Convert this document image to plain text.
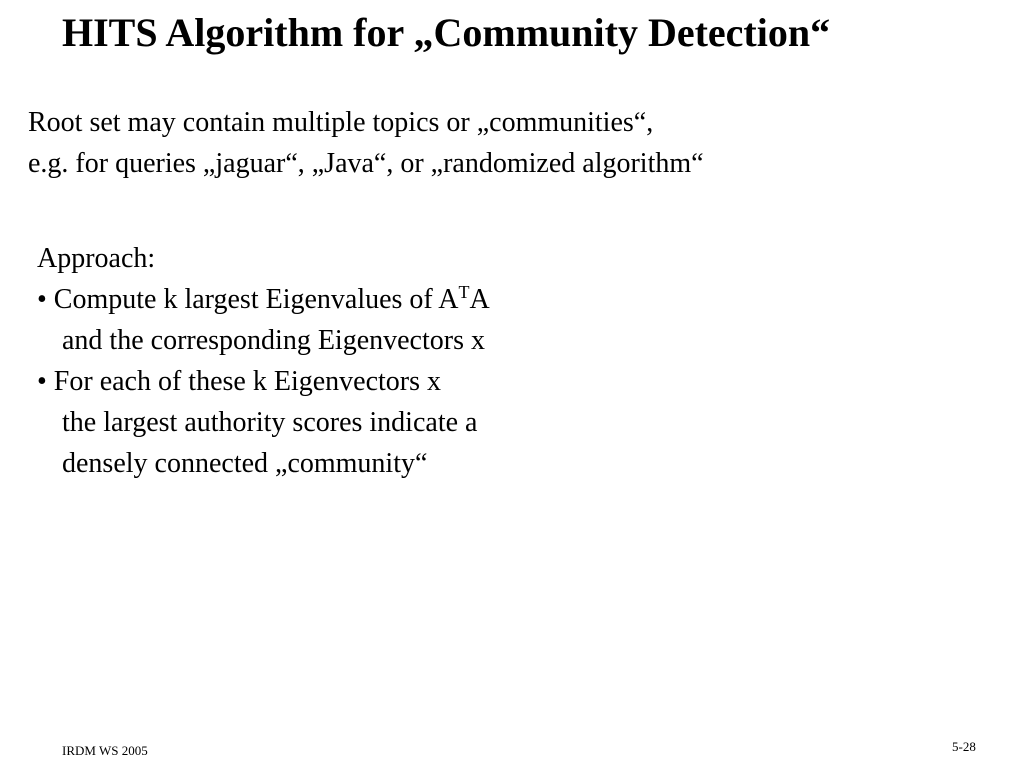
HITS Algorithm for „Community Detection“
Root set may contain multiple topics or „communities“,
e.g. for queries „jaguar“, „Java“, or „randomized algorithm“
Approach:
• Compute k largest Eigenvalues of $A^TA$
and the corresponding Eigenvectors x
• For each of these k Eigenvectors x
the largest authority scores indicate a
densely connected „community“
IRDM WS 2005	5-28
